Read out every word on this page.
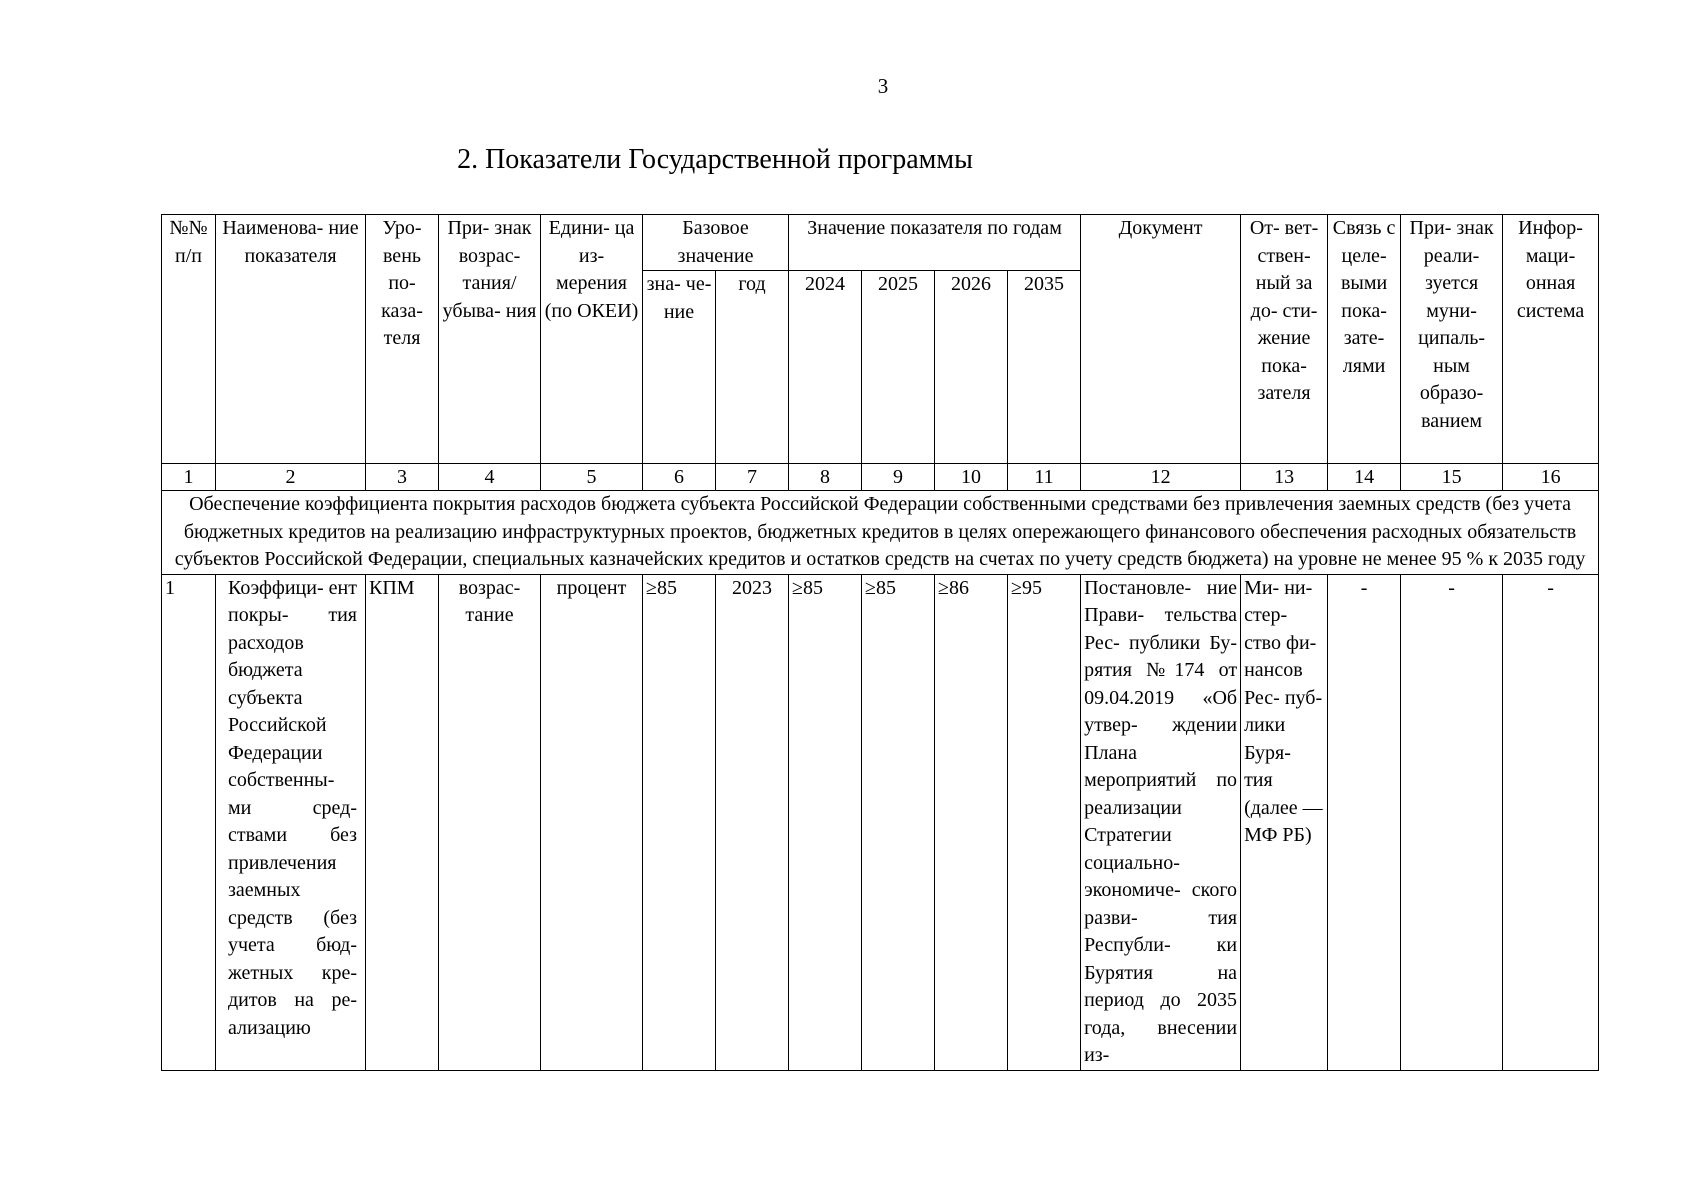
3
2. Показатели Государственной программы
№№ п/п	Наименова- ние показателя	Уро- вень по- каза- теля	При- знак возрас- тания/ убыва- ния	Едини- ца из- мерения (по ОКЕИ)	Базовое значение		Значение показателя по годам				Документ	От- вет- ствен- ный за до- сти- жение пока- зателя	Связь с целе- выми пока- зате- лями	При- знак реали- зуется муни- ципаль- ным образо- ванием	Инфор- маци- онная система
					зна- че- ние	год	2024	2025	2026	2035					
1	2	3	4	5	6	7	8	9	10	11	12	13	14	15	16
Обеспечение коэффициента покрытия расходов бюджета субъекта Российской Федерации собственными средствами без привлечения заемных средств (без учета бюджетных кредитов на реализацию инфраструктурных проектов, бюджетных кредитов в целях опережающего финансового обеспечения расходных обязательств субъектов Российской Федерации, специальных казначейских кредитов и остатков средств на счетах по учету средств бюджета) на уровне не менее 95 % к 2035 году															
1	Коэффици- ент покры- тия расходов бюджета субъекта Российской Федерации собственны- ми сред- ствами без привлечения заемных средств (без учета бюд- жетных кре- дитов на ре- ализацию	КПМ	возрас- тание	процент	≥85	2023	≥85	≥85	≥86	≥95	Постановле- ние Прави- тельства Рес- публики Бу- рятия №174 от 09.04.2019 «Об утвер- ждении Плана мероприятий по реализации Стратегии социально- экономиче- ского разви- тия Республи- ки Бурятия на период до 2035 года, внесении из-	Ми- ни- стер- ство фи- нансов Рес- пуб- лики Буря- тия (далее —МФ РБ)	-	-	-
